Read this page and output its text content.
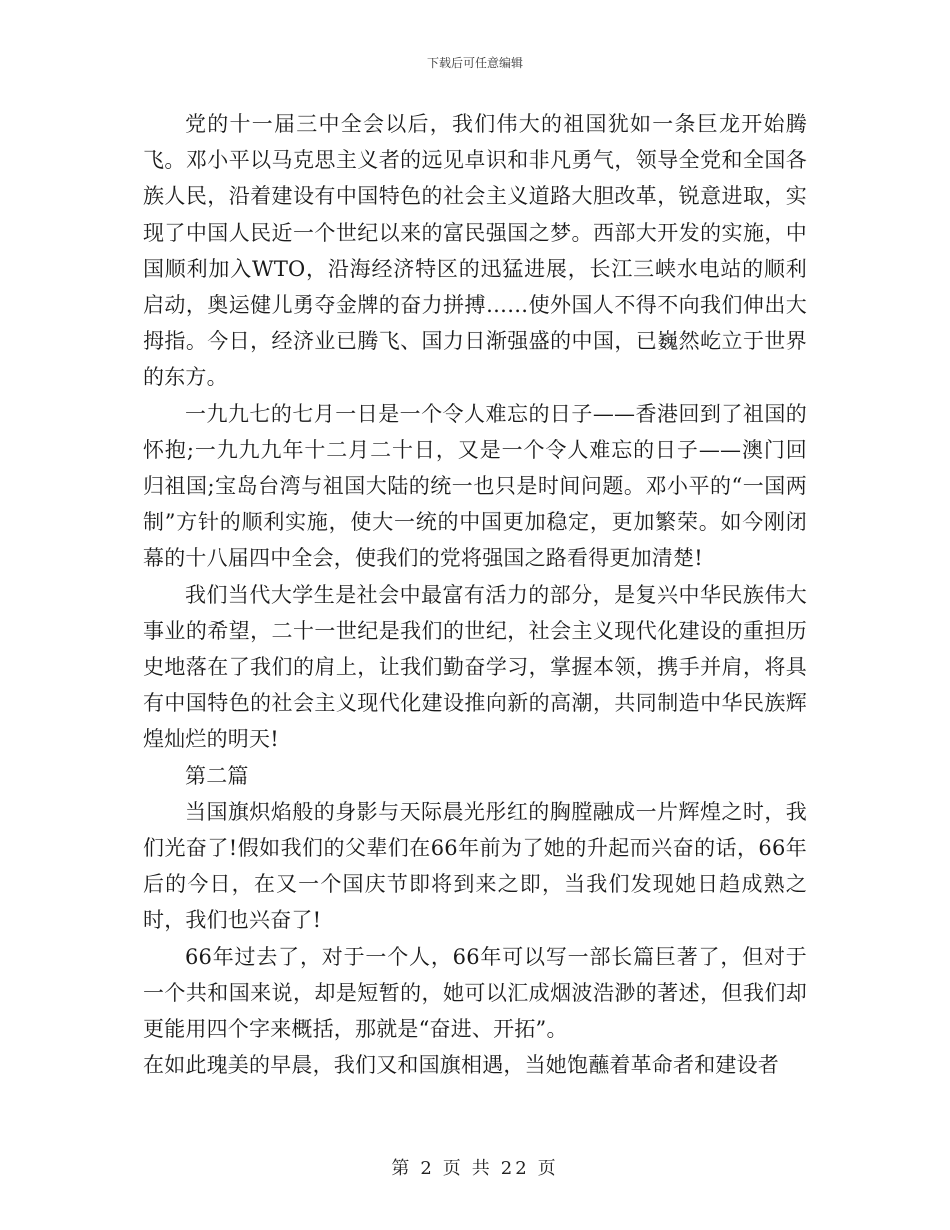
下载后可任意编辑

党的十一届三中全会以后，我们伟大的祖国犹如一条巨龙开始腾飞。邓小平以马克思主义者的远见卓识和非凡勇气，领导全党和全国各族人民，沿着建设有中国特色的社会主义道路大胆改革，锐意进取，实现了中国人民近一个世纪以来的富民强国之梦。西部大开发的实施，中国顺利加入WTO，沿海经济特区的迅猛进展，长江三峡水电站的顺利启动，奥运健儿勇夺金牌的奋力拼搏……使外国人不得不向我们伸出大拇指。今日，经济业已腾飞、国力日渐强盛的中国，已巍然屹立于世界的东方。

一九九七的七月一日是一个令人难忘的日子——香港回到了祖国的怀抱;一九九九年十二月二十日，又是一个令人难忘的日子——澳门回归祖国;宝岛台湾与祖国大陆的统一也只是时间问题。邓小平的“一国两制”方针的顺利实施，使大一统的中国更加稳定，更加繁荣。如今刚闭幕的十八届四中全会，使我们的党将强国之路看得更加清楚!

我们当代大学生是社会中最富有活力的部分，是复兴中华民族伟大事业的希望，二十一世纪是我们的世纪，社会主义现代化建设的重担历史地落在了我们的肩上，让我们勤奋学习，掌握本领，携手并肩，将具有中国特色的社会主义现代化建设推向新的高潮，共同制造中华民族辉煌灿烂的明天!

第二篇

当国旗炽焰般的身影与天际晨光彤红的胸膛融成一片辉煌之时，我们光奋了!假如我们的父辈们在66年前为了她的升起而兴奋的话，66年后的今日，在又一个国庆节即将到来之即，当我们发现她日趋成熟之时，我们也兴奋了!

66年过去了，对于一个人，66年可以写一部长篇巨著了，但对于一个共和国来说，却是短暂的，她可以汇成烟波浩渺的著述，但我们却更能用四个字来概括，那就是“奋进、开拓”。

在如此瑰美的早晨，我们又和国旗相遇，当她饱蘸着革命者和建设者

第 2 页 共 22 页
